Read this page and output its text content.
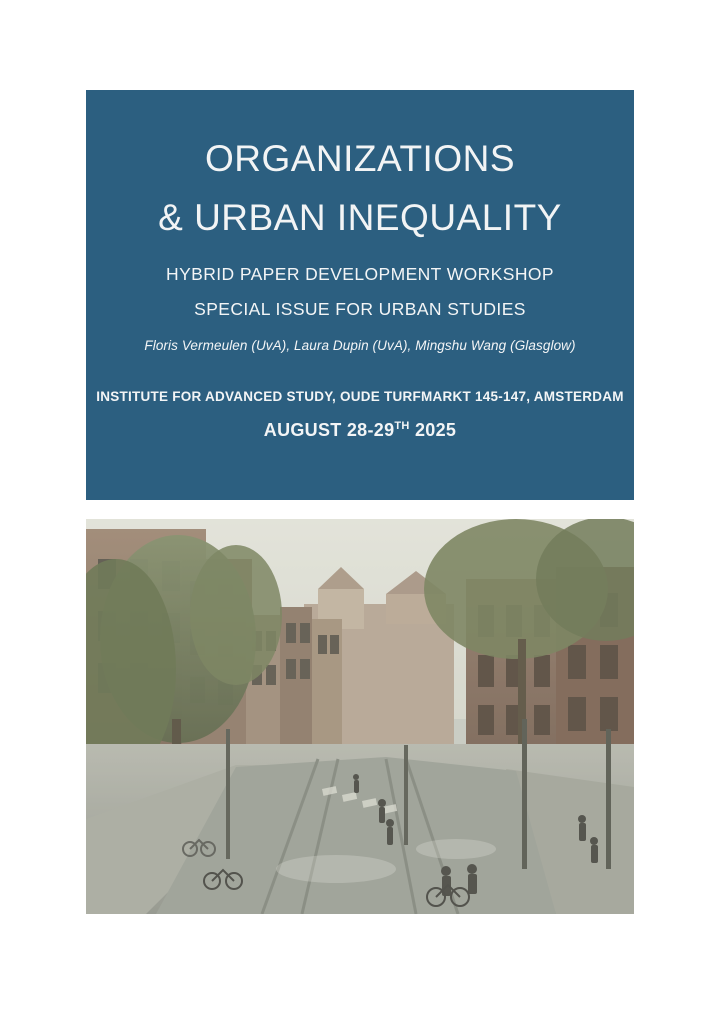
ORGANIZATIONS
& URBAN INEQUALITY
HYBRID PAPER DEVELOPMENT WORKSHOP
SPECIAL ISSUE FOR URBAN STUDIES
Floris Vermeulen (UvA), Laura Dupin (UvA), Mingshu Wang (Glasglow)
INSTITUTE FOR ADVANCED STUDY, OUDE TURFMARKT 145-147, AMSTERDAM
AUGUST 28-29TH 2025
